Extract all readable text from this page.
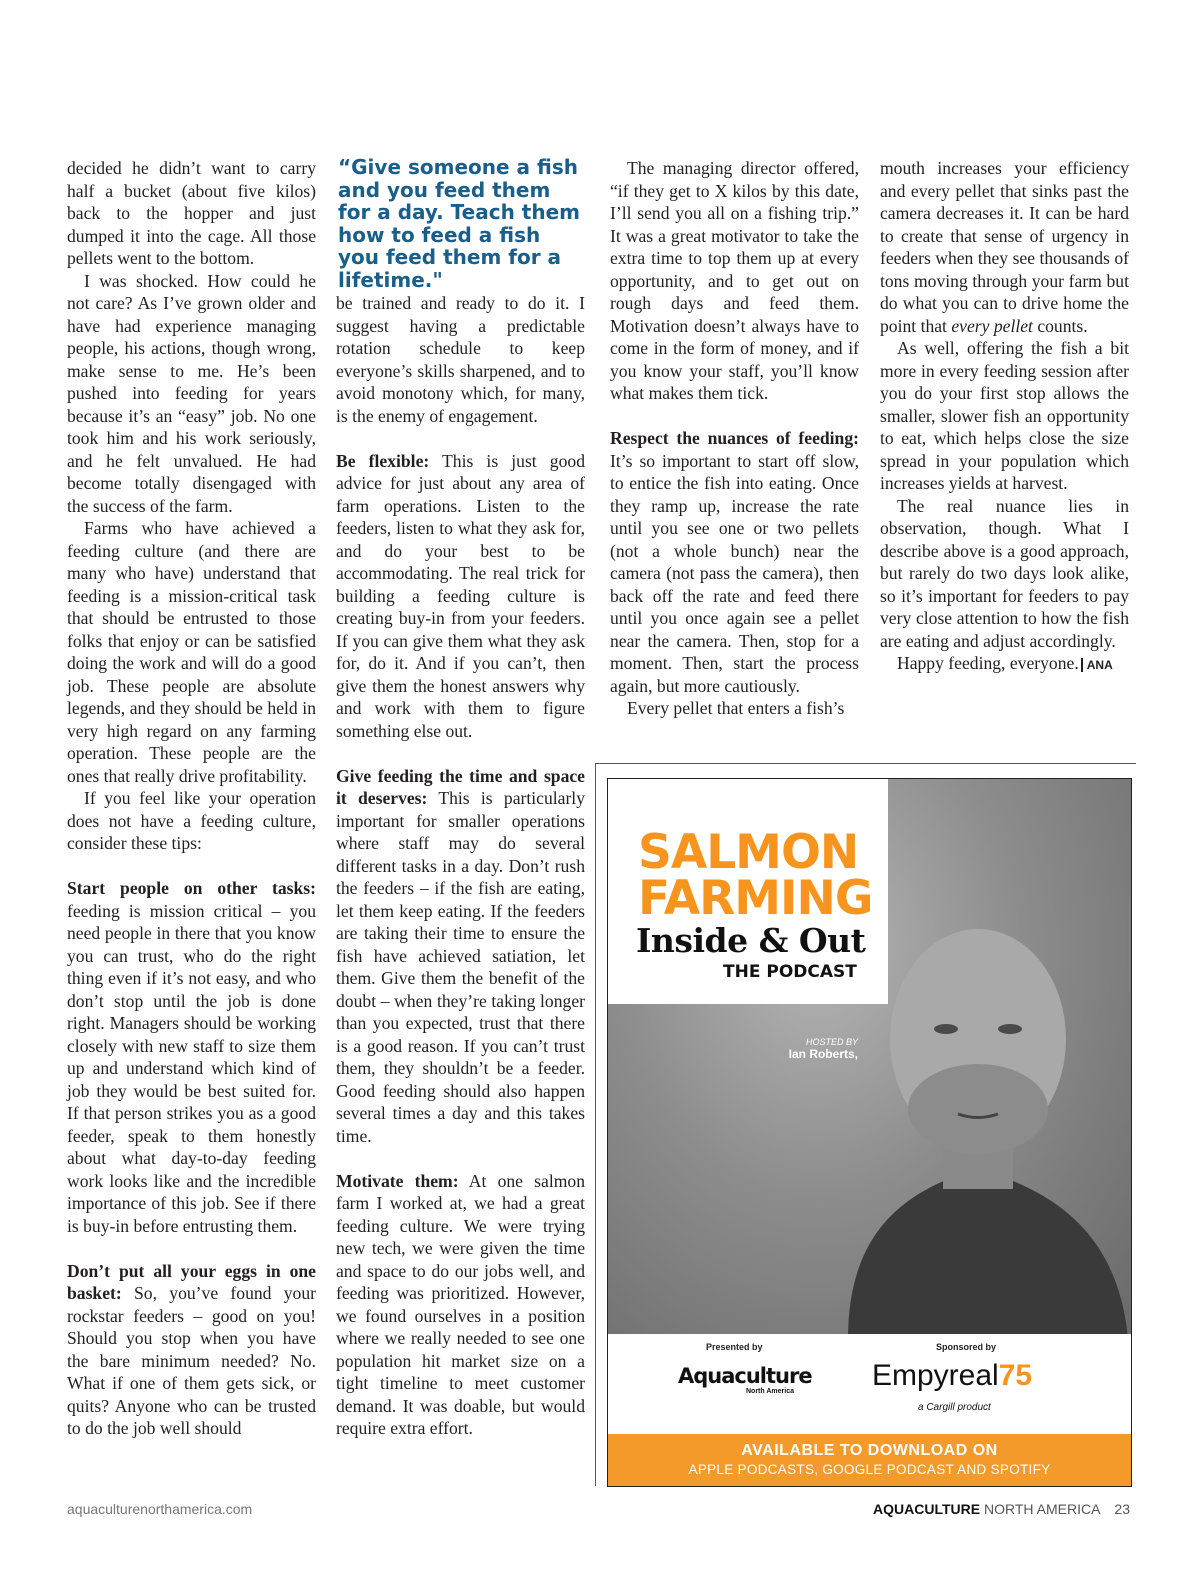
“Give someone a fish and you feed them for a day. Teach them how to feed a fish you feed them for a lifetime."

decided he didn’t want to carry half a bucket (about five kilos) back to the hopper and just dumped it into the cage. All those pellets went to the bottom.

I was shocked. How could he not care? As I’ve grown older and have had experience managing people, his actions, though wrong, make sense to me. He’s been pushed into feeding for years because it’s an “easy” job. No one took him and his work seriously, and he felt unvalued. He had become totally disengaged with the success of the farm.

Farms who have achieved a feeding culture (and there are many who have) understand that feeding is a mission-critical task that should be entrusted to those folks that enjoy or can be satisfied doing the work and will do a good job. These people are absolute legends, and they should be held in very high regard on any farming operation. These people are the ones that really drive profitability.

If you feel like your operation does not have a feeding culture, consider these tips:

Start people on other tasks: feeding is mission critical – you need people in there that you know you can trust, who do the right thing even if it’s not easy, and who don’t stop until the job is done right. Managers should be working closely with new staff to size them up and understand which kind of job they would be best suited for. If that person strikes you as a good feeder, speak to them honestly about what day-to-day feeding work looks like and the incredible importance of this job. See if there is buy-in before entrusting them.

Don’t put all your eggs in one basket: So, you’ve found your rockstar feeders – good on you! Should you stop when you have the bare minimum needed? No. What if one of them gets sick, or quits? Anyone who can be trusted to do the job well should

be trained and ready to do it. I suggest having a predictable rotation schedule to keep everyone’s skills sharpened, and to avoid monotony which, for many, is the enemy of engagement.

Be flexible: This is just good advice for just about any area of farm operations. Listen to the feeders, listen to what they ask for, and do your best to be accommodating. The real trick for building a feeding culture is creating buy-in from your feeders. If you can give them what they ask for, do it. And if you can’t, then give them the honest answers why and work with them to figure something else out.

Give feeding the time and space it deserves: This is particularly important for smaller operations where staff may do several different tasks in a day. Don’t rush the feeders – if the fish are eating, let them keep eating. If the feeders are taking their time to ensure the fish have achieved satiation, let them. Give them the benefit of the doubt – when they’re taking longer than you expected, trust that there is a good reason. If you can’t trust them, they shouldn’t be a feeder. Good feeding should also happen several times a day and this takes time.

Motivate them: At one salmon farm I worked at, we had a great feeding culture. We were trying new tech, we were given the time and space to do our jobs well, and feeding was prioritized. However, we found ourselves in a position where we really needed to see one population hit market size on a tight timeline to meet customer demand. It was doable, but would require extra effort.

The managing director offered, “if they get to X kilos by this date, I’ll send you all on a fishing trip.” It was a great motivator to take the extra time to top them up at every opportunity, and to get out on rough days and feed them. Motivation doesn’t always have to come in the form of money, and if you know your staff, you’ll know what makes them tick.

Respect the nuances of feeding: It’s so important to start off slow, to entice the fish into eating. Once they ramp up, increase the rate until you see one or two pellets (not a whole bunch) near the camera (not pass the camera), then back off the rate and feed there until you once again see a pellet near the camera. Then, stop for a moment. Then, start the process again, but more cautiously.

Every pellet that enters a fish’s

mouth increases your efficiency and every pellet that sinks past the camera decreases it. It can be hard to create that sense of urgency in feeders when they see thousands of tons moving through your farm but do what you can to drive home the point that every pellet counts.

As well, offering the fish a bit more in every feeding session after you do your first stop allows the smaller, slower fish an opportunity to eat, which helps close the size spread in your population which increases yields at harvest.

The real nuance lies in observation, though. What I describe above is a good approach, but rarely do two days look alike, so it’s important for feeders to pay very close attention to how the fish are eating and adjust accordingly.

Happy feeding, everyone. ANA

SALMON
FARMING
Inside & Out
THE PODCAST
HOSTED BY
Ian Roberts,
Presented by
Aquaculture
North America
Sponsored by
Empyreal75
a Cargill product
AVAILABLE TO DOWNLOAD ON
APPLE PODCASTS, GOOGLE PODCAST AND SPOTIFY
aquaculturenorthamerica.com	AQUACULTURE NORTH AMERICA 23
